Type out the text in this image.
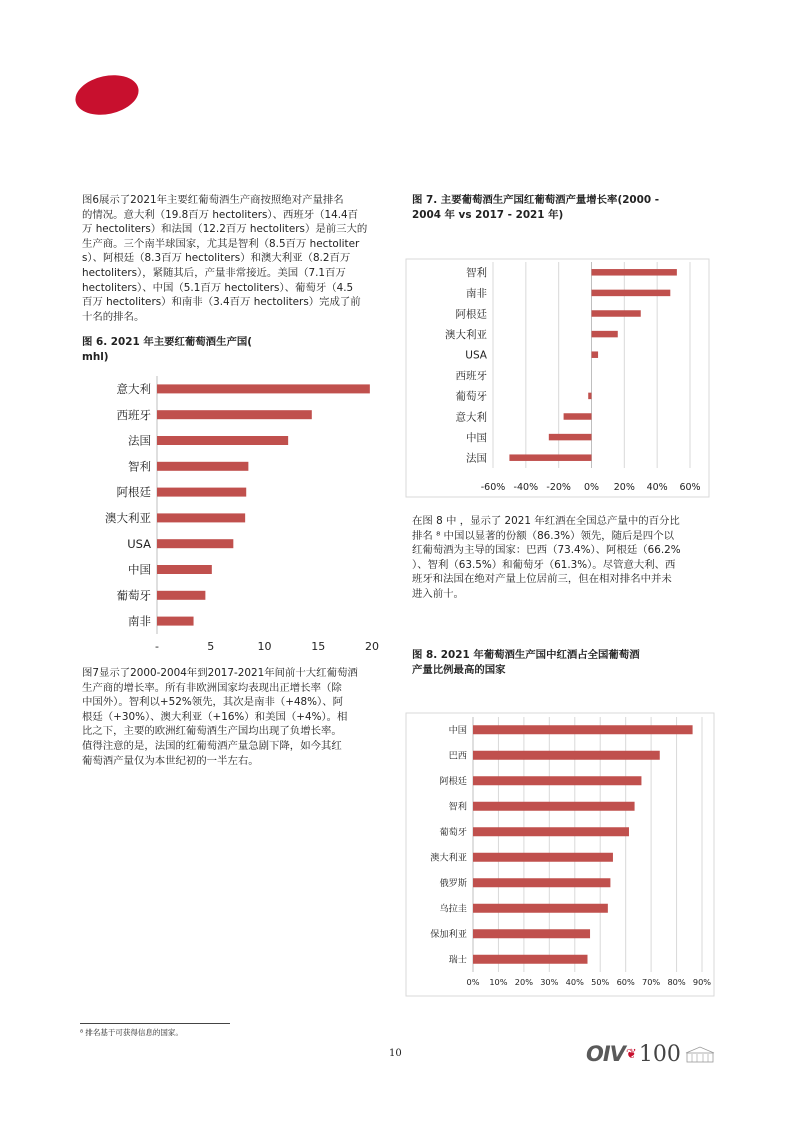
图6展示了2021年主要红葡萄酒生产商按照绝对产量排名
的情况。意大利（19.8百万 hectoliters）、西班牙（14.4百
万 hectoliters）和法国（12.2百万 hectoliters）是前三大的
生产商。三个南半球国家，尤其是智利（8.5百万 hectoliter
s）、阿根廷（8.3百万 hectoliters）和澳大利亚（8.2百万
hectoliters），紧随其后，产量非常接近。美国（7.1百万
hectoliters）、中国（5.1百万 hectoliters）、葡萄牙（4.5
百万 hectoliters）和南非（3.4百万 hectoliters）完成了前
十名的排名。
图 6. 2021 年主要红葡萄酒生产国(
mhl)
意大利
西班牙
法国
智利
阿根廷
澳大利亚
USA
中国
葡萄牙
南非
-	5	10	15	20
图7显示了2000-2004年到2017-2021年间前十大红葡萄酒
生产商的增长率。所有非欧洲国家均表现出正增长率（除
中国外）。智利以+52%领先，其次是南非（+48%）、阿
根廷（+30%）、澳大利亚（+16%）和美国（+4%）。相
比之下，主要的欧洲红葡萄酒生产国均出现了负增长率。
值得注意的是，法国的红葡萄酒产量急剧下降，如今其红
葡萄酒产量仅为本世纪初的一半左右。
图 7. 主要葡萄酒生产国红葡萄酒产量增长率(2000 -
2004 年 vs 2017 - 2021 年)
智利
南非
阿根廷
澳大利亚
USA
西班牙
葡萄牙
意大利
中国
法国
-60% -40% -20% 0% 20% 40% 60%
在图 8 中 ，显示了 2021 年红酒在全国总产量中的百分比
排名 ⁸ 中国以显著的份额（86.3%）领先，随后是四个以
红葡萄酒为主导的国家：巴西（73.4%）、阿根廷（66.2%
）、智利（63.5%）和葡萄牙（61.3%）。尽管意大利、西
班牙和法国在绝对产量上位居前三，但在相对排名中并未
进入前十。
图 8. 2021 年葡萄酒生产国中红酒占全国葡萄酒
产量比例最高的国家
中国
巴西
阿根廷
智利
葡萄牙
澳大利亚
俄罗斯
乌拉圭
保加利亚
瑞士
0% 10% 20% 30% 40% 50% 60% 70% 80% 90%
⁸ 排名基于可获得信息的国家。
10	OIV ❦ 100
